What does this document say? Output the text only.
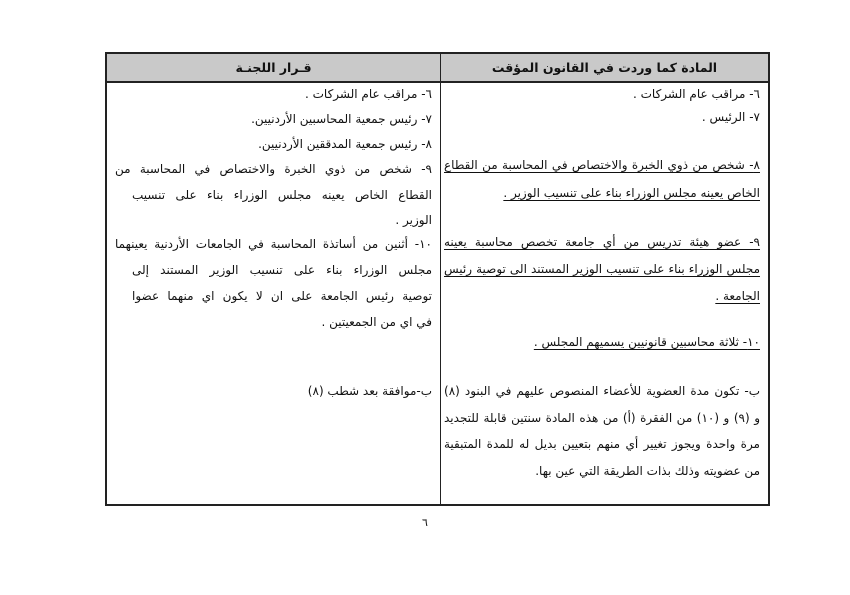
قـرار اللجنـة	المادة كما وردت في القانون المؤقت
٦- مراقب عام الشركات .
٧- الرئيس .
٨- شخص من ذوي الخبرة والاختصاص في المحاسبة من القطاع
الخاص يعينه مجلس الوزراء بناء على تنسيب الوزير .
٩- عضو هيئة تدريس من أي جامعة تخصص محاسبة يعينه
مجلس الوزراء بناء على تنسيب الوزير المستند الى توصية رئيس
الجامعة .
١٠- ثلاثة محاسبين قانونيين يسميهم المجلس .
ب- تكون مدة العضوية للأعضاء المنصوص عليهم في البنود (٨)
و (٩) و (١٠) من الفقرة (أ) من هذه المادة سنتين قابلة للتجديد
مرة واحدة ويجوز تغيير أي منهم بتعيين بديل له للمدة المتبقية
من عضويته وذلك بذات الطريقة التي عين بها.
٦- مراقب عام الشركات .
٧- رئيس جمعية المحاسبين الأردنيين.
٨- رئيس جمعية المدققين الأردنيين.
٩- شخص من ذوي الخبرة والاختصاص في المحاسبة من
القطاع الخاص يعينه مجلس الوزراء بناء على تنسيب
الوزير .
١٠- أثنين من أساتذة المحاسبة في الجامعات الأردنية يعينهما
مجلس الوزراء بناء على تنسيب الوزير المستند إلى
توصية رئيس الجامعة على ان لا يكون اي منهما عضوا
في اي من الجمعيتين .
ب-موافقة بعد شطب (٨)
٦
